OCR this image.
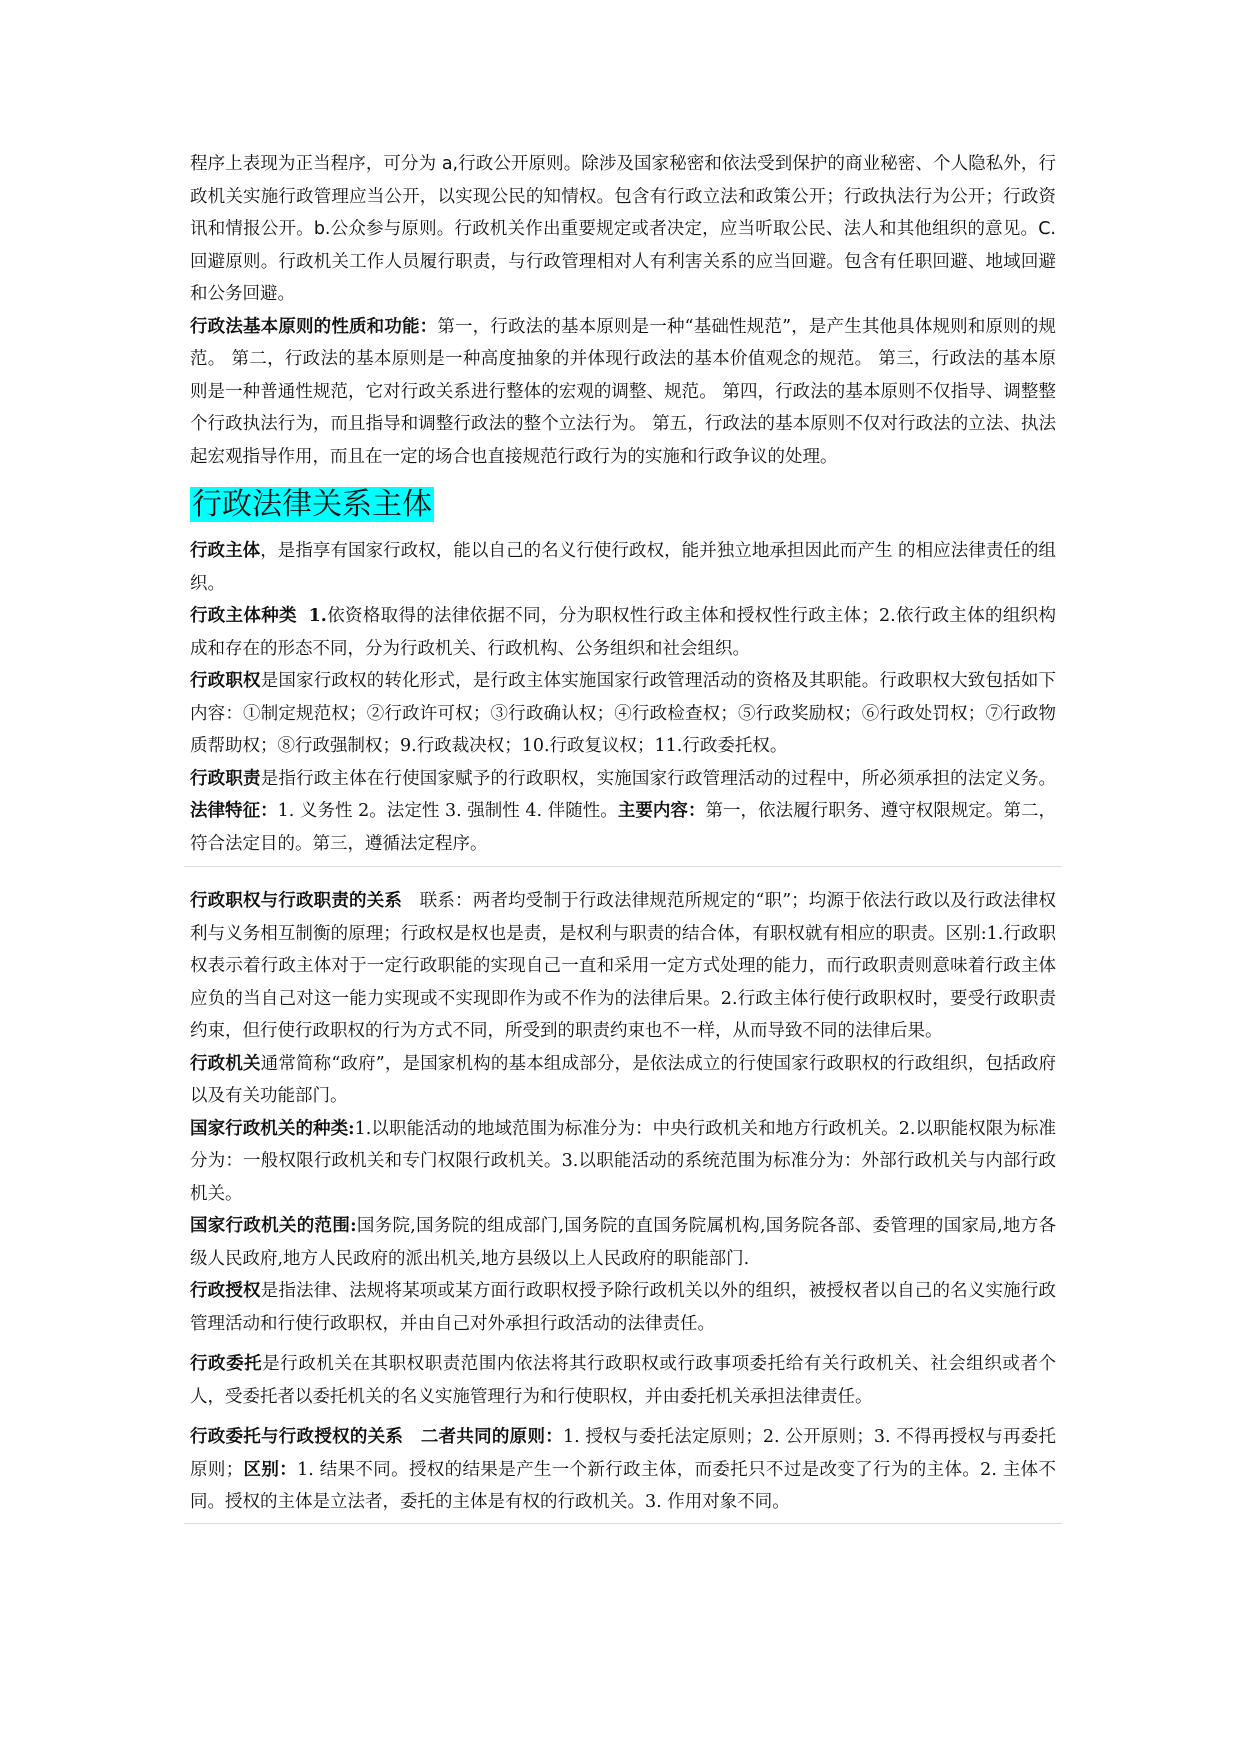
程序上表现为正当程序，可分为 a,行政公开原则。除涉及国家秘密和依法受到保护的商业秘密、个人隐私外，行政机关实施行政管理应当公开，以实现公民的知情权。包含有行政立法和政策公开；行政执法行为公开；行政资讯和情报公开。b.公众参与原则。行政机关作出重要规定或者决定，应当听取公民、法人和其他组织的意见。C.回避原则。行政机关工作人员履行职责，与行政管理相对人有利害关系的应当回避。包含有任职回避、地域回避和公务回避。

行政法基本原则的性质和功能：第一，行政法的基本原则是一种“基础性规范”，是产生其他具体规则和原则的规范。 第二，行政法的基本原则是一种高度抽象的并体现行政法的基本价值观念的规范。 第三，行政法的基本原则是一种普通性规范，它对行政关系进行整体的宏观的调整、规范。 第四，行政法的基本原则不仅指导、调整整个行政执法行为，而且指导和调整行政法的整个立法行为。 第五，行政法的基本原则不仅对行政法的立法、执法起宏观指导作用，而且在一定的场合也直接规范行政行为的实施和行政争议的处理。

行政法律关系主体

行政主体，是指享有国家行政权，能以自己的名义行使行政权，能并独立地承担因此而产生 的相应法律责任的组织。

行政主体种类 1.依资格取得的法律依据不同，分为职权性行政主体和授权性行政主体；2.依行政主体的组织构成和存在的形态不同，分为行政机关、行政机构、公务组织和社会组织。

行政职权是国家行政权的转化形式，是行政主体实施国家行政管理活动的资格及其职能。行政职权大致包括如下内容：①制定规范权；②行政许可权；③行政确认权；④行政检查权；⑤行政奖励权；⑥行政处罚权；⑦行政物质帮助权；⑧行政强制权；9.行政裁决权；10.行政复议权；11.行政委托权。

行政职责是指行政主体在行使国家赋予的行政职权，实施国家行政管理活动的过程中，所必须承担的法定义务。法律特征：1. 义务性 2。法定性 3. 强制性 4. 伴随性。主要内容：第一，依法履行职务、遵守权限规定。第二，符合法定目的。第三，遵循法定程序。

行政职权与行政职责的关系　联系：两者均受制于行政法律规范所规定的“职”；均源于依法行政以及行政法律权利与义务相互制衡的原理；行政权是权也是责，是权利与职责的结合体，有职权就有相应的职责。区别:1.行政职权表示着行政主体对于一定行政职能的实现自己一直和采用一定方式处理的能力，而行政职责则意味着行政主体应负的当自己对这一能力实现或不实现即作为或不作为的法律后果。2.行政主体行使行政职权时，要受行政职责约束，但行使行政职权的行为方式不同，所受到的职责约束也不一样，从而导致不同的法律后果。

行政机关通常简称“政府”，是国家机构的基本组成部分，是依法成立的行使国家行政职权的行政组织，包括政府以及有关功能部门。

国家行政机关的种类:1.以职能活动的地域范围为标准分为：中央行政机关和地方行政机关。2.以职能权限为标准分为：一般权限行政机关和专门权限行政机关。3.以职能活动的系统范围为标准分为：外部行政机关与内部行政机关。

国家行政机关的范围:国务院,国务院的组成部门,国务院的直国务院属机构,国务院各部、委管理的国家局,地方各级人民政府,地方人民政府的派出机关,地方县级以上人民政府的职能部门.

行政授权是指法律、法规将某项或某方面行政职权授予除行政机关以外的组织，被授权者以自己的名义实施行政管理活动和行使行政职权，并由自己对外承担行政活动的法律责任。

行政委托是行政机关在其职权职责范围内依法将其行政职权或行政事项委托给有关行政机关、社会组织或者个人，受委托者以委托机关的名义实施管理行为和行使职权，并由委托机关承担法律责任。

行政委托与行政授权的关系　二者共同的原则：1. 授权与委托法定原则；2. 公开原则；3. 不得再授权与再委托原则；区别：1. 结果不同。授权的结果是产生一个新行政主体，而委托只不过是改变了行为的主体。2. 主体不同。授权的主体是立法者，委托的主体是有权的行政机关。3. 作用对象不同。
